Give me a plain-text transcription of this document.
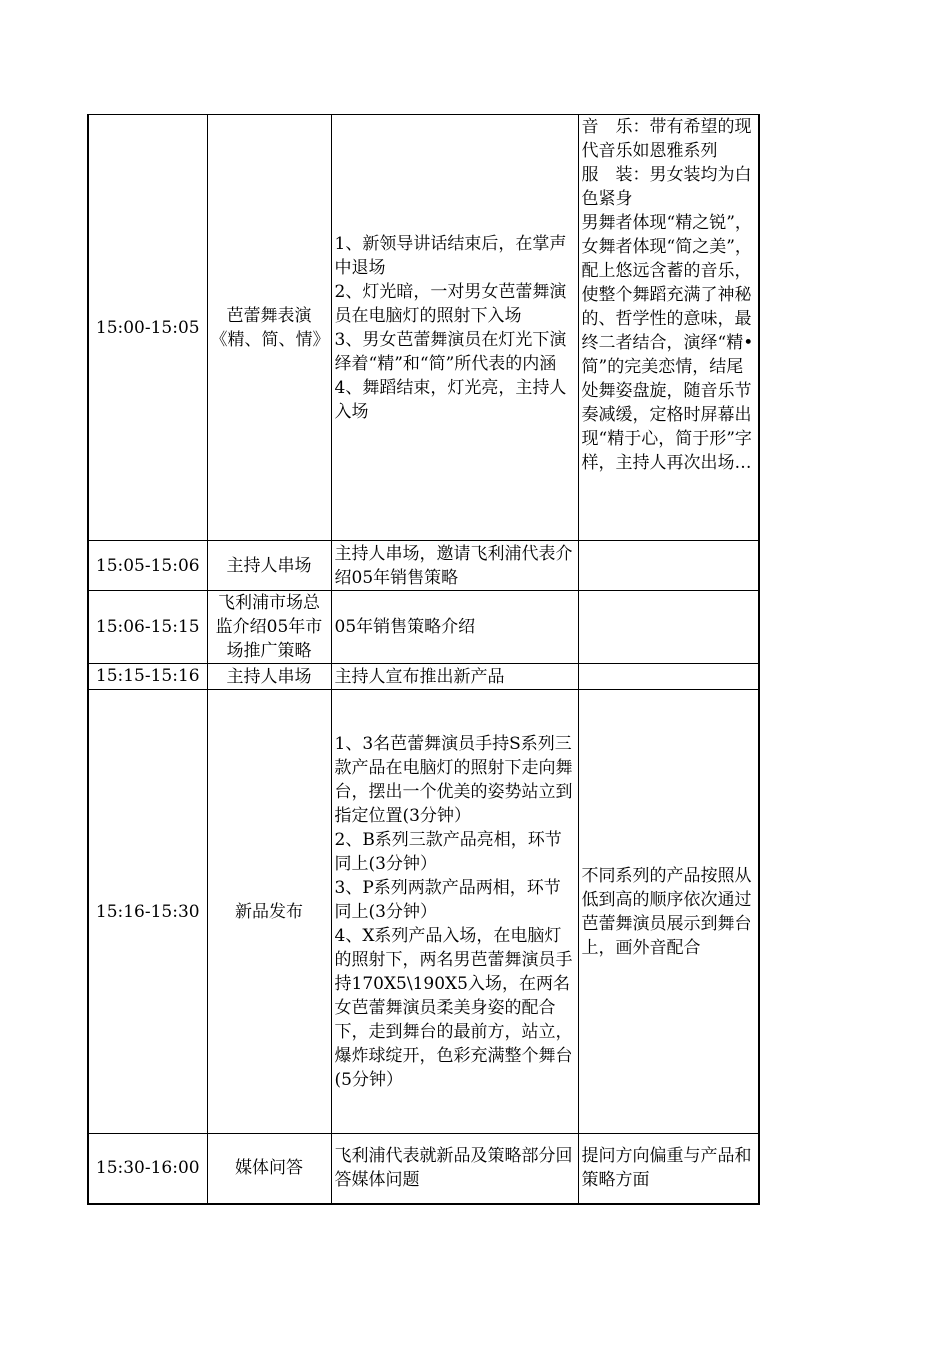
15:00-15:05	芭蕾舞表演《精、简、情》	1、新领导讲话结束后，在掌声中退场
2、灯光暗，一对男女芭蕾舞演员在电脑灯的照射下入场
3、男女芭蕾舞演员在灯光下演绎着“精”和“简”所代表的内涵
4、舞蹈结束，灯光亮，主持人入场	音　乐：带有希望的现代音乐如恩雅系列
服　装：男女装均为白色紧身
男舞者体现“精之锐”，女舞者体现“简之美”，配上悠远含蓄的音乐，使整个舞蹈充满了神秘的、哲学性的意味，最终二者结合，演绎“精•简”的完美恋情，结尾处舞姿盘旋，随音乐节奏减缓，定格时屏幕出现“精于心，简于形”字样，主持人再次出场…
15:05-15:06	主持人串场	主持人串场，邀请飞利浦代表介绍05年销售策略	
15:06-15:15	飞利浦市场总监介绍05年市场推广策略	05年销售策略介绍	
15:15-15:16	主持人串场	主持人宣布推出新产品	
15:16-15:30	新品发布	1、3名芭蕾舞演员手持S系列三款产品在电脑灯的照射下走向舞台，摆出一个优美的姿势站立到指定位置(3分钟）
2、B系列三款产品亮相，环节同上(3分钟）
3、P系列两款产品两相，环节同上(3分钟）
4、X系列产品入场，在电脑灯的照射下，两名男芭蕾舞演员手持170X5\190X5入场，在两名女芭蕾舞演员柔美身姿的配合下，走到舞台的最前方，站立，爆炸球绽开，色彩充满整个舞台(5分钟）	不同系列的产品按照从低到高的顺序依次通过芭蕾舞演员展示到舞台上，画外音配合
15:30-16:00	媒体问答	飞利浦代表就新品及策略部分回答媒体问题	提问方向偏重与产品和策略方面
